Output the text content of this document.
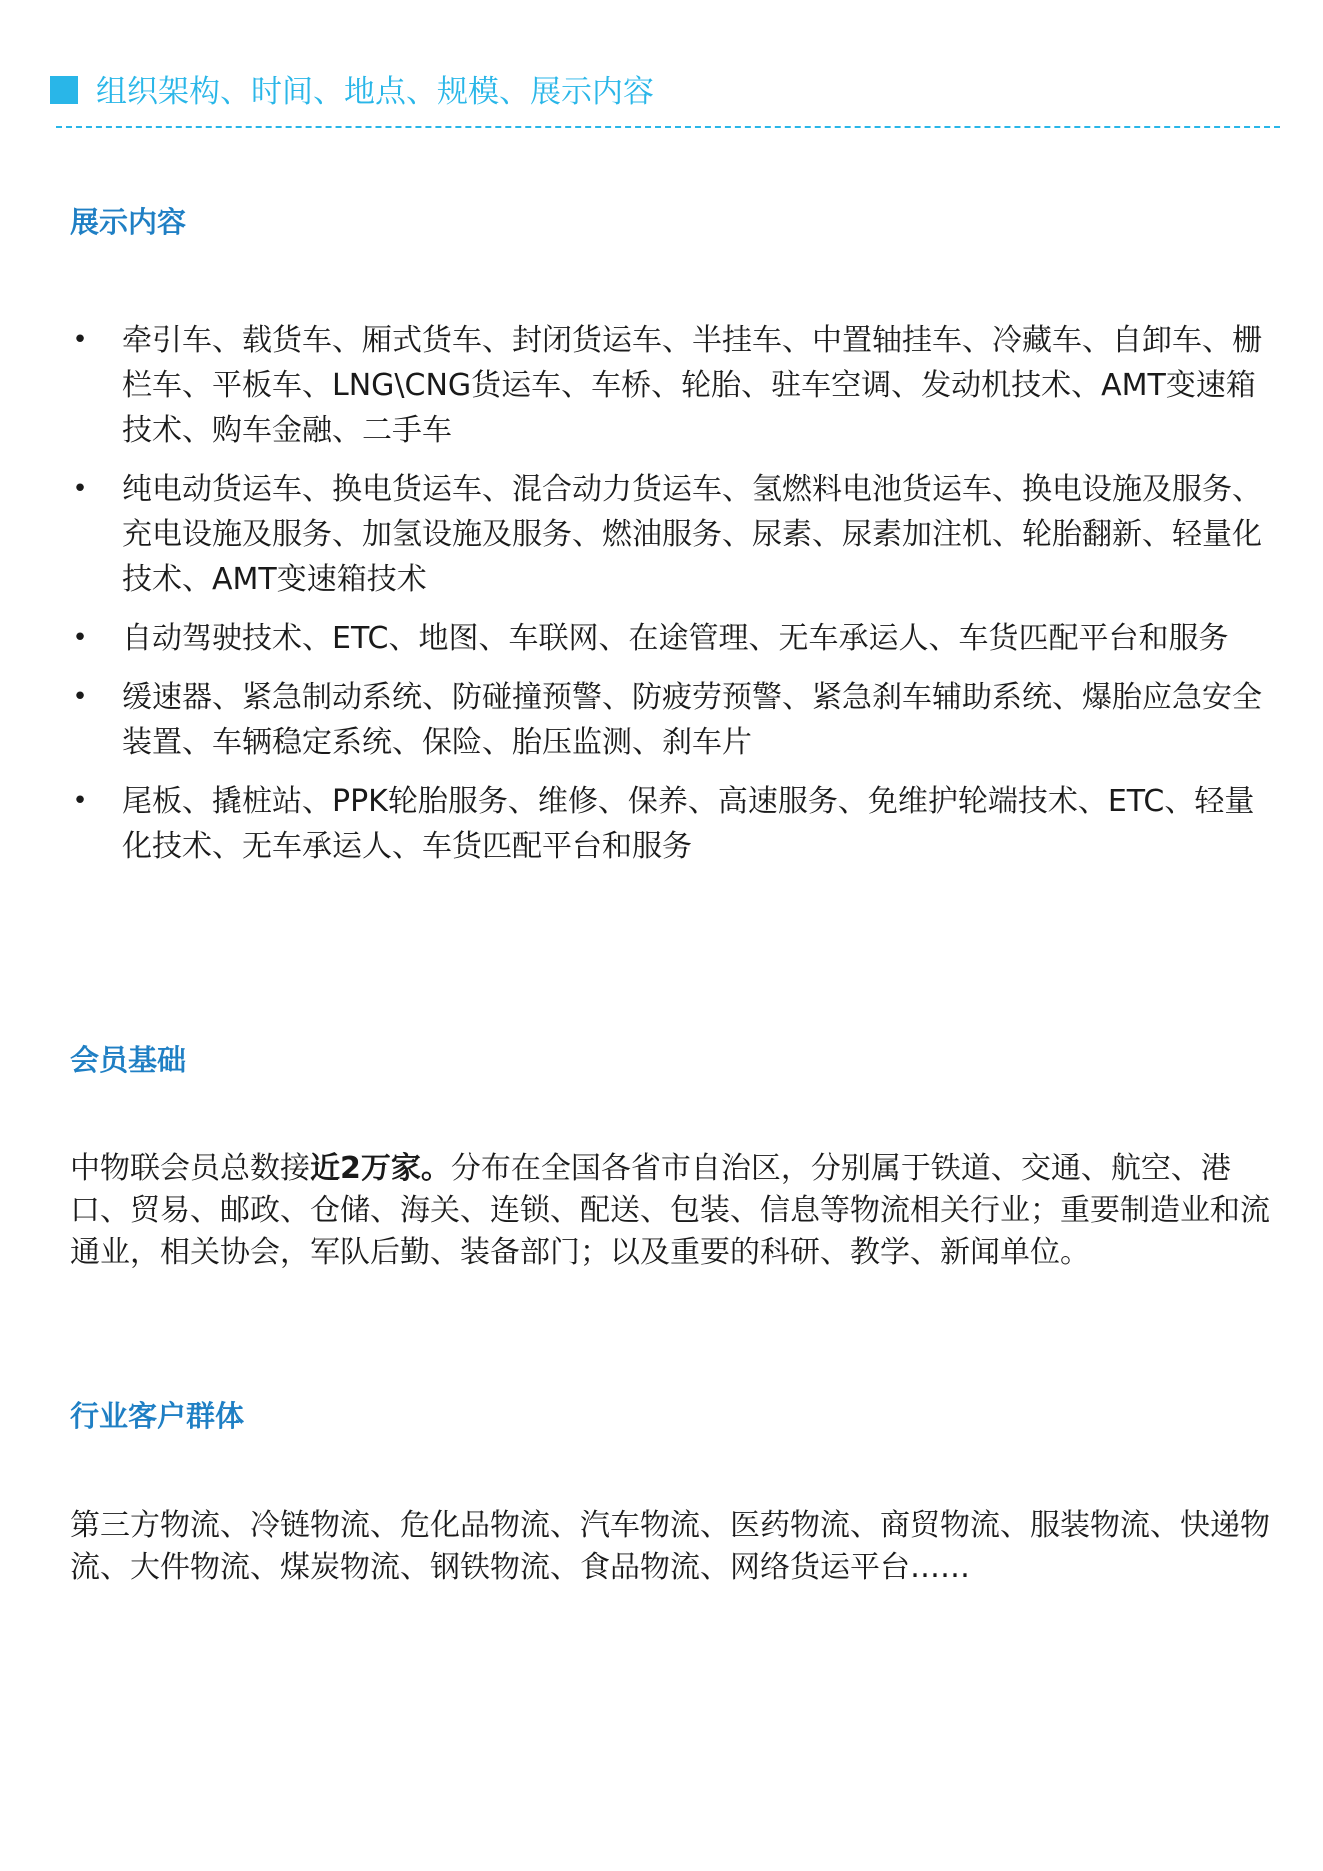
组织架构、时间、地点、规模、展示内容
展示内容
• 牵引车、载货车、厢式货车、封闭货运车、半挂车、中置轴挂车、冷藏车、自卸车、栅栏车、平板车、LNG\CNG货运车、车桥、轮胎、驻车空调、发动机技术、AMT变速箱技术、购车金融、二手车
• 纯电动货运车、换电货运车、混合动力货运车、氢燃料电池货运车、换电设施及服务、充电设施及服务、加氢设施及服务、燃油服务、尿素、尿素加注机、轮胎翻新、轻量化技术、AMT变速箱技术
• 自动驾驶技术、ETC、地图、车联网、在途管理、无车承运人、车货匹配平台和服务
• 缓速器、紧急制动系统、防碰撞预警、防疲劳预警、紧急刹车辅助系统、爆胎应急安全装置、车辆稳定系统、保险、胎压监测、刹车片
• 尾板、撬桩站、PPK轮胎服务、维修、保养、高速服务、免维护轮端技术、ETC、轻量化技术、无车承运人、车货匹配平台和服务
会员基础

中物联会员总数接近2万家。分布在全国各省市自治区，分别属于铁道、交通、航空、港口、贸易、邮政、仓储、海关、连锁、配送、包装、信息等物流相关行业；重要制造业和流通业，相关协会，军队后勤、装备部门；以及重要的科研、教学、新闻单位。

行业客户群体

第三方物流、冷链物流、危化品物流、汽车物流、医药物流、商贸物流、服装物流、快递物流、大件物流、煤炭物流、钢铁物流、食品物流、网络货运平台……
